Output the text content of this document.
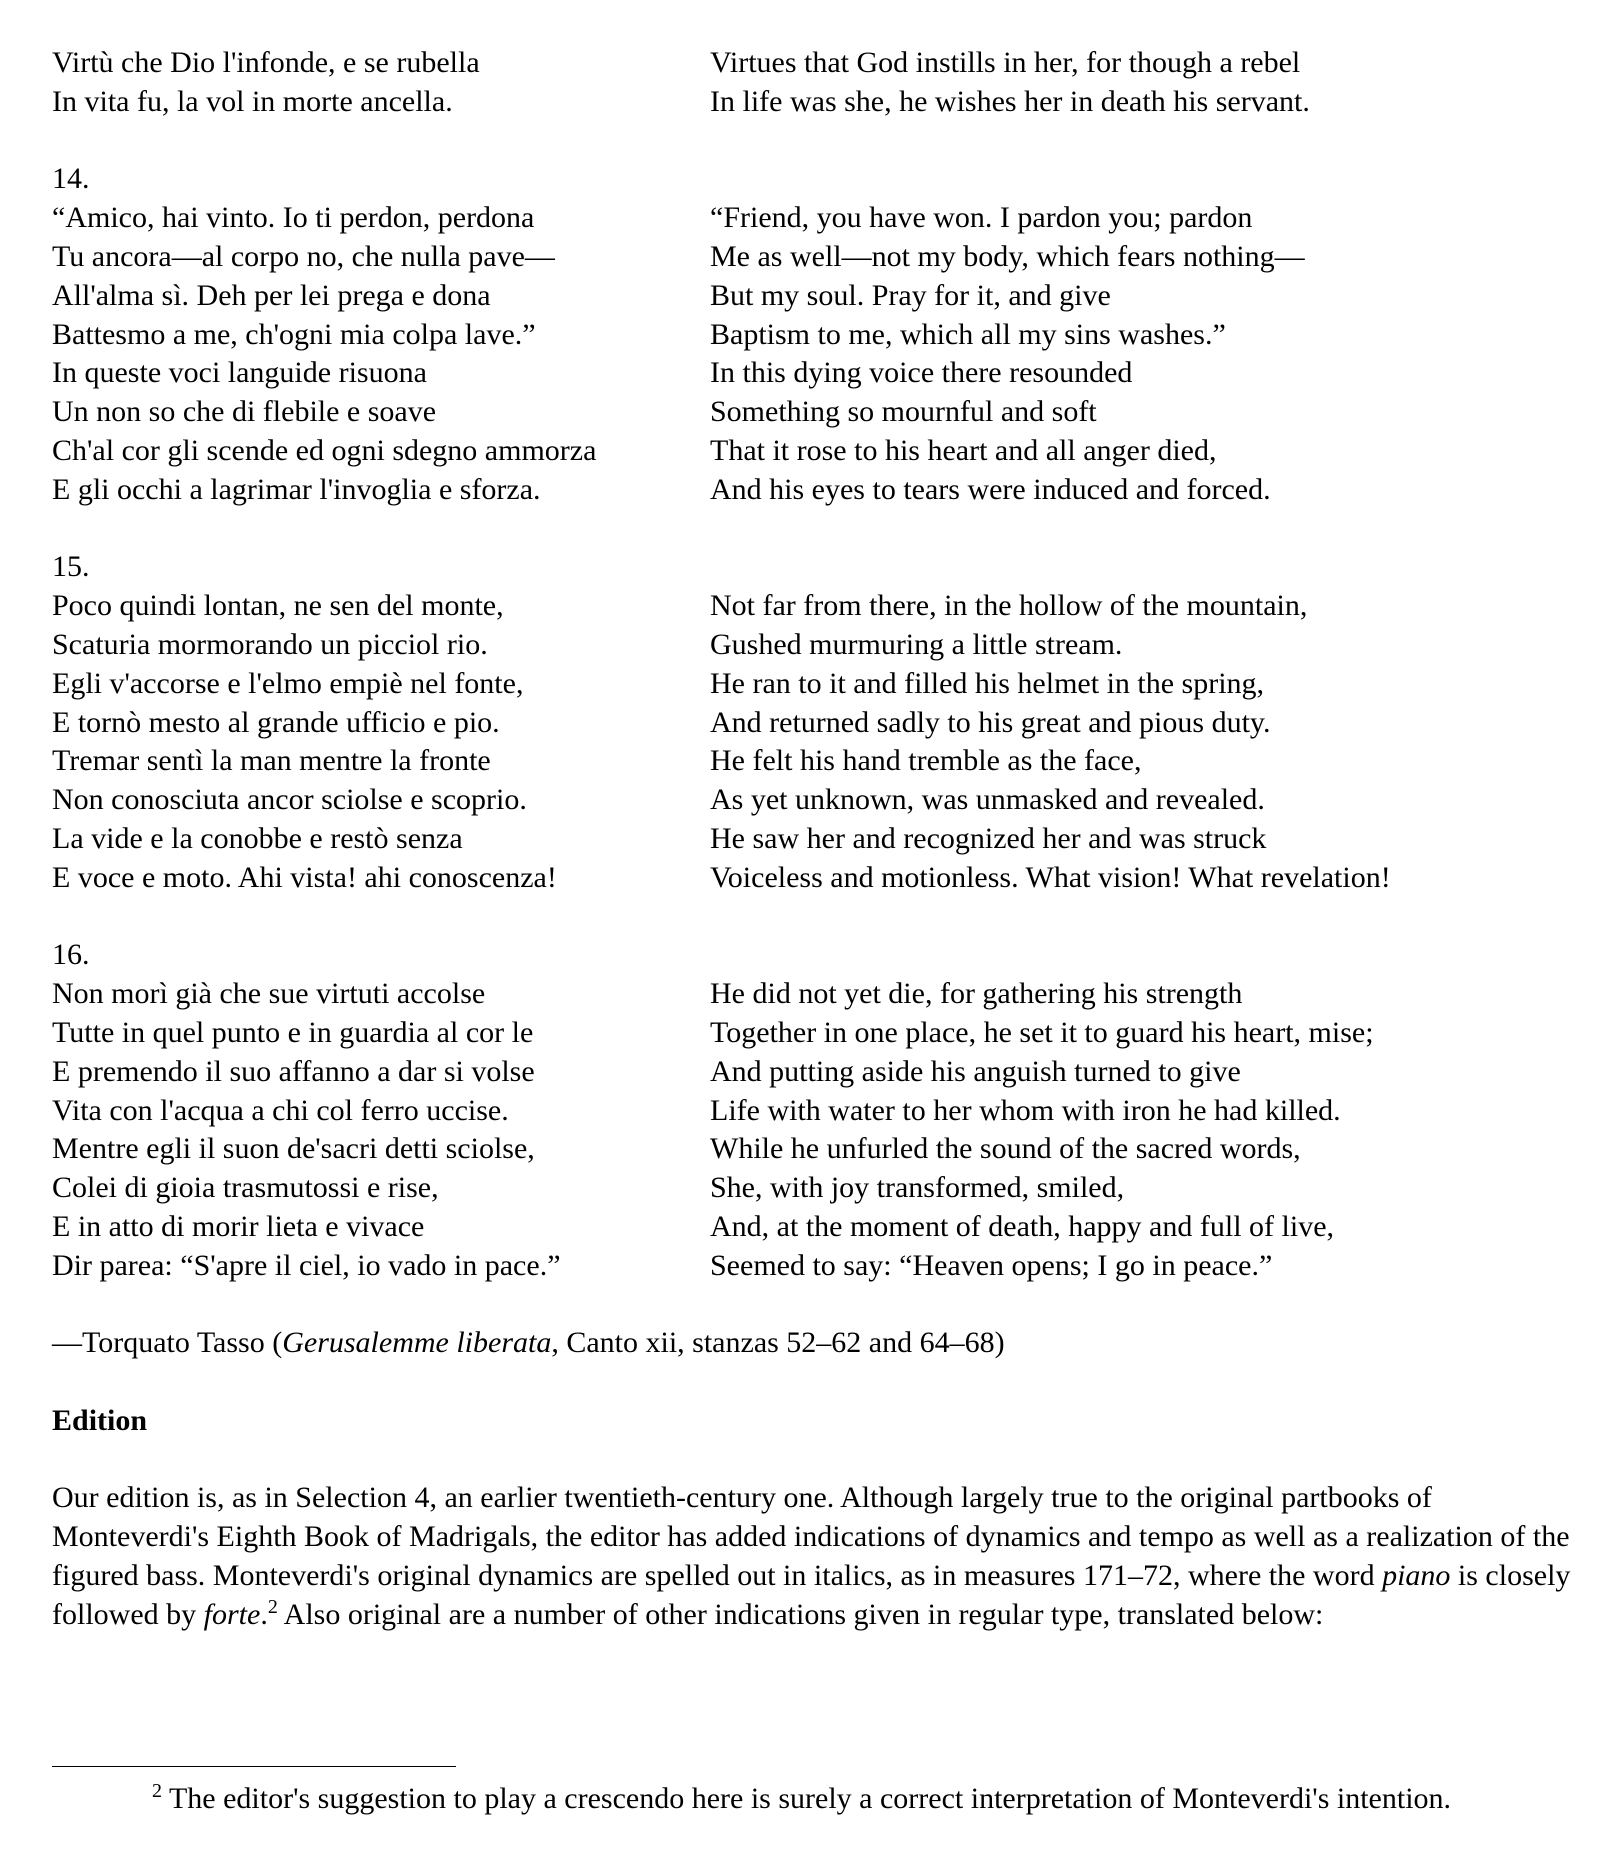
Virtù che Dio l'infonde, e se rubella
In vita fu, la vol in morte ancella.
Virtues that God instills in her, for though a rebel
In life was she, he wishes her in death his servant.
14.
“Amico, hai vinto. Io ti perdon, perdona
Tu ancora—al corpo no, che nulla pave—
All'alma sì. Deh per lei prega e dona
Battesmo a me, ch'ogni mia colpa lave.”
In queste voci languide risuona
Un non so che di flebile e soave
Ch'al cor gli scende ed ogni sdegno ammorza
E gli occhi a lagrimar l'invoglia e sforza.
“Friend, you have won. I pardon you; pardon
Me as well—not my body, which fears nothing—
But my soul. Pray for it, and give
Baptism to me, which all my sins washes.”
In this dying voice there resounded
Something so mournful and soft
That it rose to his heart and all anger died,
And his eyes to tears were induced and forced.
15.
Poco quindi lontan, ne sen del monte,
Scaturia mormorando un picciol rio.
Egli v'accorse e l'elmo empiè nel fonte,
E tornò mesto al grande ufficio e pio.
Tremar sentì la man mentre la fronte
Non conosciuta ancor sciolse e scoprio.
La vide e la conobbe e restò senza
E voce e moto. Ahi vista! ahi conoscenza!
Not far from there, in the hollow of the mountain,
Gushed murmuring a little stream.
He ran to it and filled his helmet in the spring,
And returned sadly to his great and pious duty.
He felt his hand tremble as the face,
As yet unknown, was unmasked and revealed.
He saw her and recognized her and was struck
Voiceless and motionless. What vision! What revelation!
16.
Non morì già che sue virtuti accolse
Tutte in quel punto e in guardia al cor le
E premendo il suo affanno a dar si volse
Vita con l'acqua a chi col ferro uccise.
Mentre egli il suon de'sacri detti sciolse,
Colei di gioia trasmutossi e rise,
E in atto di morir lieta e vivace
Dir parea: “S'apre il ciel, io vado in pace.”
He did not yet die, for gathering his strength
Together in one place, he set it to guard his heart, mise;
And putting aside his anguish turned to give
Life with water to her whom with iron he had killed.
While he unfurled the sound of the sacred words,
She, with joy transformed, smiled,
And, at the moment of death, happy and full of live,
Seemed to say: “Heaven opens; I go in peace.”
—Torquato Tasso (Gerusalemme liberata, Canto xii, stanzas 52–62 and 64–68)
Edition

Our edition is, as in Selection 4, an earlier twentieth-century one. Although largely true to the original partbooks of Monteverdi's Eighth Book of Madrigals, the editor has added indications of dynamics and tempo as well as a realization of the figured bass. Monteverdi's original dynamics are spelled out in italics, as in measures 171–72, where the word piano is closely followed by forte.$^2$ Also original are a number of other indications given in regular type, translated below:

$^2$ The editor's suggestion to play a crescendo here is surely a correct interpretation of Monteverdi's intention.
